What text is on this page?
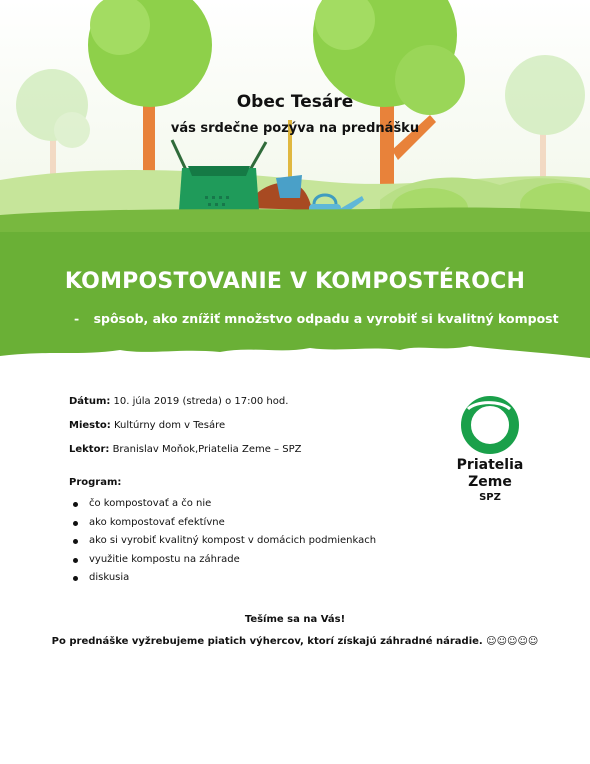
Obec Tesáre
vás srdečne pozýva na prednášku
KOMPOSTOVANIE V KOMPOSTÉROCH
- spôsob, ako znížiť množstvo odpadu a vyrobiť si kvalitný kompost
Dátum: 10. júla 2019 (streda) o 17:00 hod.
Miesto: Kultúrny dom v Tesáre
Lektor: Branislav Moňok,Priatelia Zeme – SPZ
Program:
čo kompostovať a čo nie
ako kompostovať efektívne
ako si vyrobiť kvalitný kompost v domácich podmienkach
využitie kompostu na záhrade
diskusia
Priatelia
Zeme
SPZ
Tešíme sa na Vás!
Po prednáške vyžrebujeme piatich výhercov, ktorí získajú záhradné náradie. ☺☺☺☺☺
